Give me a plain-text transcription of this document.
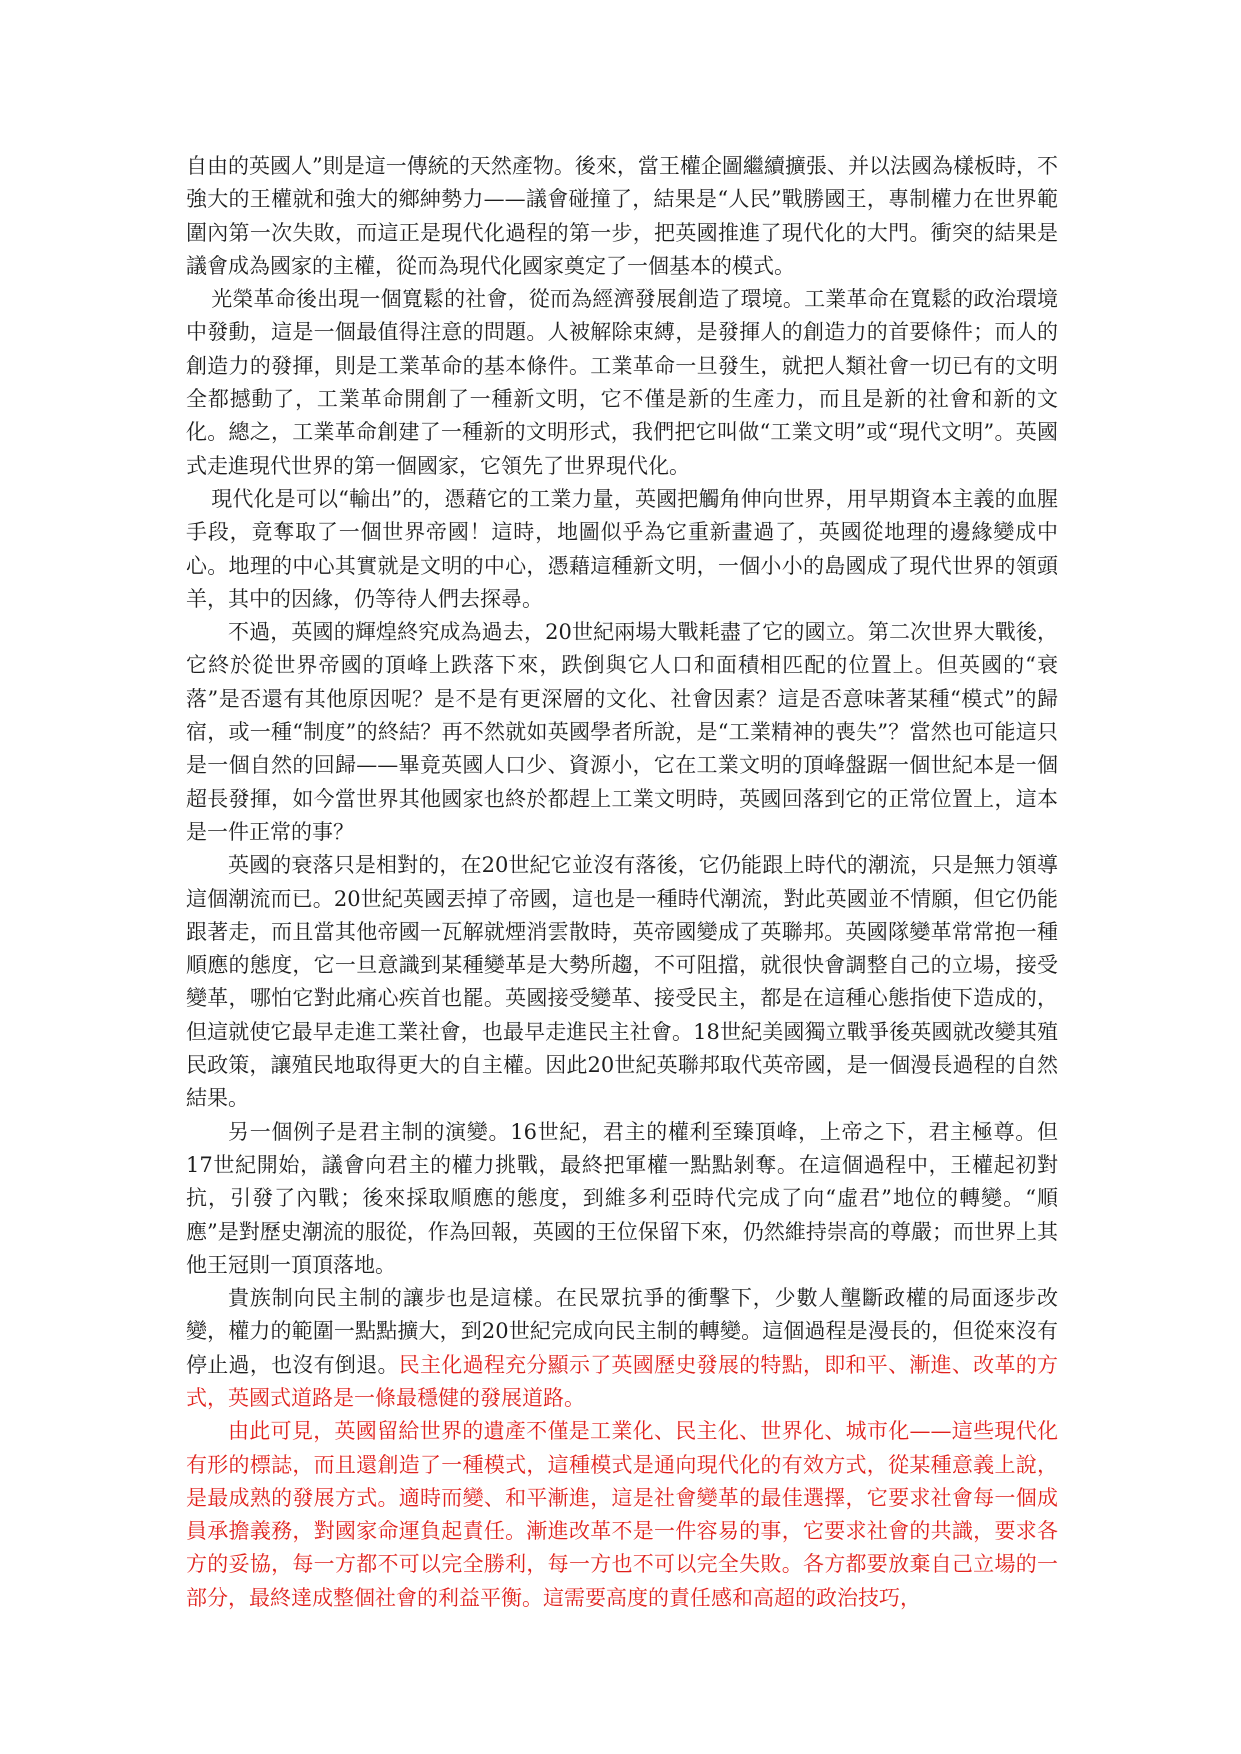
自由的英國人”則是這一傳統的天然產物。後來，當王權企圖繼續擴張、并以法國為樣板時，不強大的王權就和強大的鄉紳勢力——議會碰撞了，結果是“人民”戰勝國王，專制權力在世界範圍內第一次失敗，而這正是現代化過程的第一步，把英國推進了現代化的大門。衝突的結果是議會成為國家的主權，從而為現代化國家奠定了一個基本的模式。

光榮革命後出現一個寬鬆的社會，從而為經濟發展創造了環境。工業革命在寬鬆的政治環境中發動，這是一個最值得注意的問題。人被解除束縛，是發揮人的創造力的首要條件；而人的創造力的發揮，則是工業革命的基本條件。工業革命一旦發生，就把人類社會一切已有的文明全都撼動了，工業革命開創了一種新文明，它不僅是新的生產力，而且是新的社會和新的文化。總之，工業革命創建了一種新的文明形式，我們把它叫做“工業文明”或“現代文明”。英國式走進現代世界的第一個國家，它領先了世界現代化。

現代化是可以“輸出”的，憑藉它的工業力量，英國把觸角伸向世界，用早期資本主義的血腥手段，竟奪取了一個世界帝國！這時，地圖似乎為它重新畫過了，英國從地理的邊緣變成中心。地理的中心其實就是文明的中心，憑藉這種新文明，一個小小的島國成了現代世界的領頭羊，其中的因緣，仍等待人們去探尋。

不過，英國的輝煌終究成為過去，20世紀兩場大戰耗盡了它的國立。第二次世界大戰後，它終於從世界帝國的頂峰上跌落下來，跌倒與它人口和面積相匹配的位置上。但英國的“衰落”是否還有其他原因呢？是不是有更深層的文化、社會因素？這是否意味著某種“模式”的歸宿，或一種“制度”的終結？再不然就如英國學者所說，是“工業精神的喪失”？當然也可能這只是一個自然的回歸——畢竟英國人口少、資源小，它在工業文明的頂峰盤踞一個世紀本是一個超長發揮，如今當世界其他國家也終於都趕上工業文明時，英國回落到它的正常位置上，這本是一件正常的事？

英國的衰落只是相對的，在20世紀它並沒有落後，它仍能跟上時代的潮流，只是無力領導這個潮流而已。20世紀英國丟掉了帝國，這也是一種時代潮流，對此英國並不情願，但它仍能跟著走，而且當其他帝國一瓦解就煙消雲散時，英帝國變成了英聯邦。英國隊變革常常抱一種順應的態度，它一旦意識到某種變革是大勢所趨，不可阻擋，就很快會調整自己的立場，接受變革，哪怕它對此痛心疾首也罷。英國接受變革、接受民主，都是在這種心態指使下造成的，但這就使它最早走進工業社會，也最早走進民主社會。18世紀美國獨立戰爭後英國就改變其殖民政策，讓殖民地取得更大的自主權。因此20世紀英聯邦取代英帝國，是一個漫長過程的自然結果。

另一個例子是君主制的演變。16世紀，君主的權利至臻頂峰，上帝之下，君主極尊。但17世紀開始，議會向君主的權力挑戰，最終把軍權一點點剝奪。在這個過程中，王權起初對抗，引發了內戰；後來採取順應的態度，到維多利亞時代完成了向“虛君”地位的轉變。“順應”是對歷史潮流的服從，作為回報，英國的王位保留下來，仍然維持崇高的尊嚴；而世界上其他王冠則一頂頂落地。

貴族制向民主制的讓步也是這樣。在民眾抗爭的衝擊下，少數人壟斷政權的局面逐步改變，權力的範圍一點點擴大，到20世紀完成向民主制的轉變。這個過程是漫長的，但從來沒有停止過，也沒有倒退。民主化過程充分顯示了英國歷史發展的特點，即和平、漸進、改革的方式，英國式道路是一條最穩健的發展道路。

由此可見，英國留給世界的遺產不僅是工業化、民主化、世界化、城市化——這些現代化有形的標誌，而且還創造了一種模式，這種模式是通向現代化的有效方式，從某種意義上說，是最成熟的發展方式。適時而變、和平漸進，這是社會變革的最佳選擇，它要求社會每一個成員承擔義務，對國家命運負起責任。漸進改革不是一件容易的事，它要求社會的共識，要求各方的妥協，每一方都不可以完全勝利，每一方也不可以完全失敗。各方都要放棄自己立場的一部分，最終達成整個社會的利益平衡。這需要高度的責任感和高超的政治技巧，
